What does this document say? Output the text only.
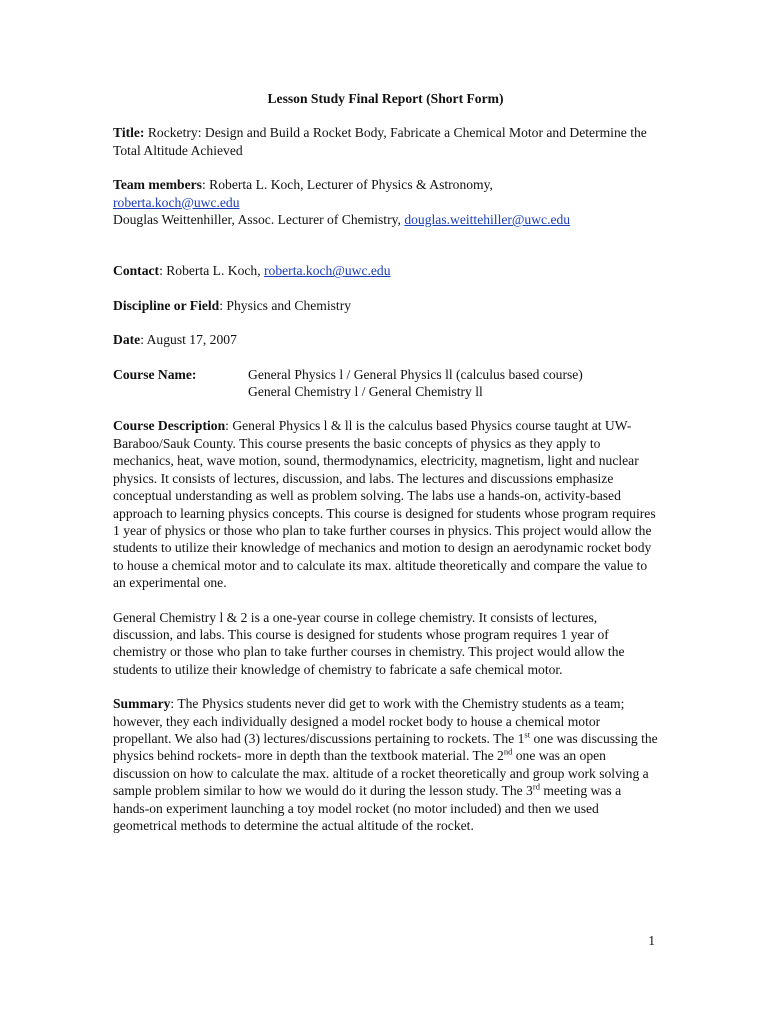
Lesson Study Final Report (Short Form)

Title: Rocketry: Design and Build a Rocket Body, Fabricate a Chemical Motor and Determine the Total Altitude Achieved

Team members: Roberta L. Koch, Lecturer of Physics & Astronomy,
roberta.koch@uwc.edu
Douglas Weittenhiller, Assoc. Lecturer of Chemistry, douglas.weittehiller@uwc.edu

Contact: Roberta L. Koch, roberta.koch@uwc.edu

Discipline or Field: Physics and Chemistry

Date: August 17, 2007

Course Name:	General Physics l / General Physics ll (calculus based course)
General Chemistry l / General Chemistry ll

Course Description: General Physics l & ll is the calculus based Physics course taught at UW-Baraboo/Sauk County. This course presents the basic concepts of physics as they apply to mechanics, heat, wave motion, sound, thermodynamics, electricity, magnetism, light and nuclear physics. It consists of lectures, discussion, and labs. The lectures and discussions emphasize conceptual understanding as well as problem solving. The labs use a hands-on, activity-based approach to learning physics concepts. This course is designed for students whose program requires 1 year of physics or those who plan to take further courses in physics. This project would allow the students to utilize their knowledge of mechanics and motion to design an aerodynamic rocket body to house a chemical motor and to calculate its max. altitude theoretically and compare the value to an experimental one.

General Chemistry l & 2 is a one-year course in college chemistry. It consists of lectures, discussion, and labs. This course is designed for students whose program requires 1 year of chemistry or those who plan to take further courses in chemistry. This project would allow the students to utilize their knowledge of chemistry to fabricate a safe chemical motor.

Summary: The Physics students never did get to work with the Chemistry students as a team; however, they each individually designed a model rocket body to house a chemical motor propellant. We also had (3) lectures/discussions pertaining to rockets. The 1st one was discussing the physics behind rockets- more in depth than the textbook material. The 2nd one was an open discussion on how to calculate the max. altitude of a rocket theoretically and group work solving a sample problem similar to how we would do it during the lesson study. The 3rd meeting was a hands-on experiment launching a toy model rocket (no motor included) and then we used geometrical methods to determine the actual altitude of the rocket.

1
